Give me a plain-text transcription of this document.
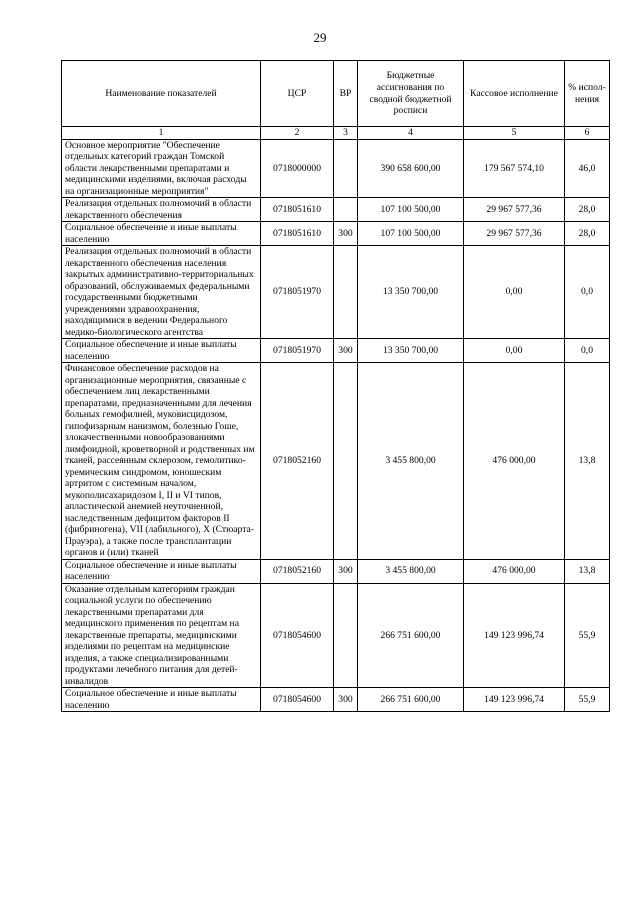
29
Наименование показателей	ЦСР	ВР	Бюджетные ассигнования по сводной бюджетной росписи	Кассовое исполнение	% испол-нения
1	2	3	4	5	6
Основное мероприятие "Обеспечение отдельных категорий граждан Томской области лекарственными препаратами и медицинскими изделиями, включая расходы на организационные мероприятия"	0718000000		390 658 600,00	179 567 574,10	46,0
Реализация отдельных полномочий в области лекарственного обеспечения	0718051610		107 100 500,00	29 967 577,36	28,0
Социальное обеспечение и иные выплаты населению	0718051610	300	107 100 500,00	29 967 577,36	28,0
Реализация отдельных полномочий в области лекарственного обеспечения населения закрытых административно-территориальных образований, обслуживаемых федеральными государственными бюджетными учреждениями здравоохранения, находящимися в ведении Федерального медико-биологического агентства	0718051970		13 350 700,00	0,00	0,0
Социальное обеспечение и иные выплаты населению	0718051970	300	13 350 700,00	0,00	0,0
Финансовое обеспечение расходов на организационные мероприятия, связанные с обеспечением лиц лекарственными препаратами, предназначенными для лечения больных гемофилией, муковисцидозом, гипофизарным нанизмом, болезнью Гоше, злокачественными новообразованиями лимфоидной, кроветворной и родственных им тканей, рассеянным склерозом, гемолитико-уремическим синдромом, юношеским артритом с системным началом, мукополисахаридозом I, II и VI типов, апластической анемией неуточненной, наследственным дефицитом факторов II (фибриногена), VII (лабильного), X (Стюарта-Прауэра), а также после трансплантации органов и (или) тканей	0718052160		3 455 800,00	476 000,00	13,8
Социальное обеспечение и иные выплаты населению	0718052160	300	3 455 800,00	476 000,00	13,8
Оказание отдельным категориям граждан социальной услуги по обеспечению лекарственными препаратами для медицинского применения по рецептам на лекарственные препараты, медицинскими изделиями по рецептам на медицинские изделия, а также специализированными продуктами лечебного питания для детей-инвалидов	0718054600		266 751 600,00	149 123 996,74	55,9
Социальное обеспечение и иные выплаты населению	0718054600	300	266 751 600,00	149 123 996,74	55,9
